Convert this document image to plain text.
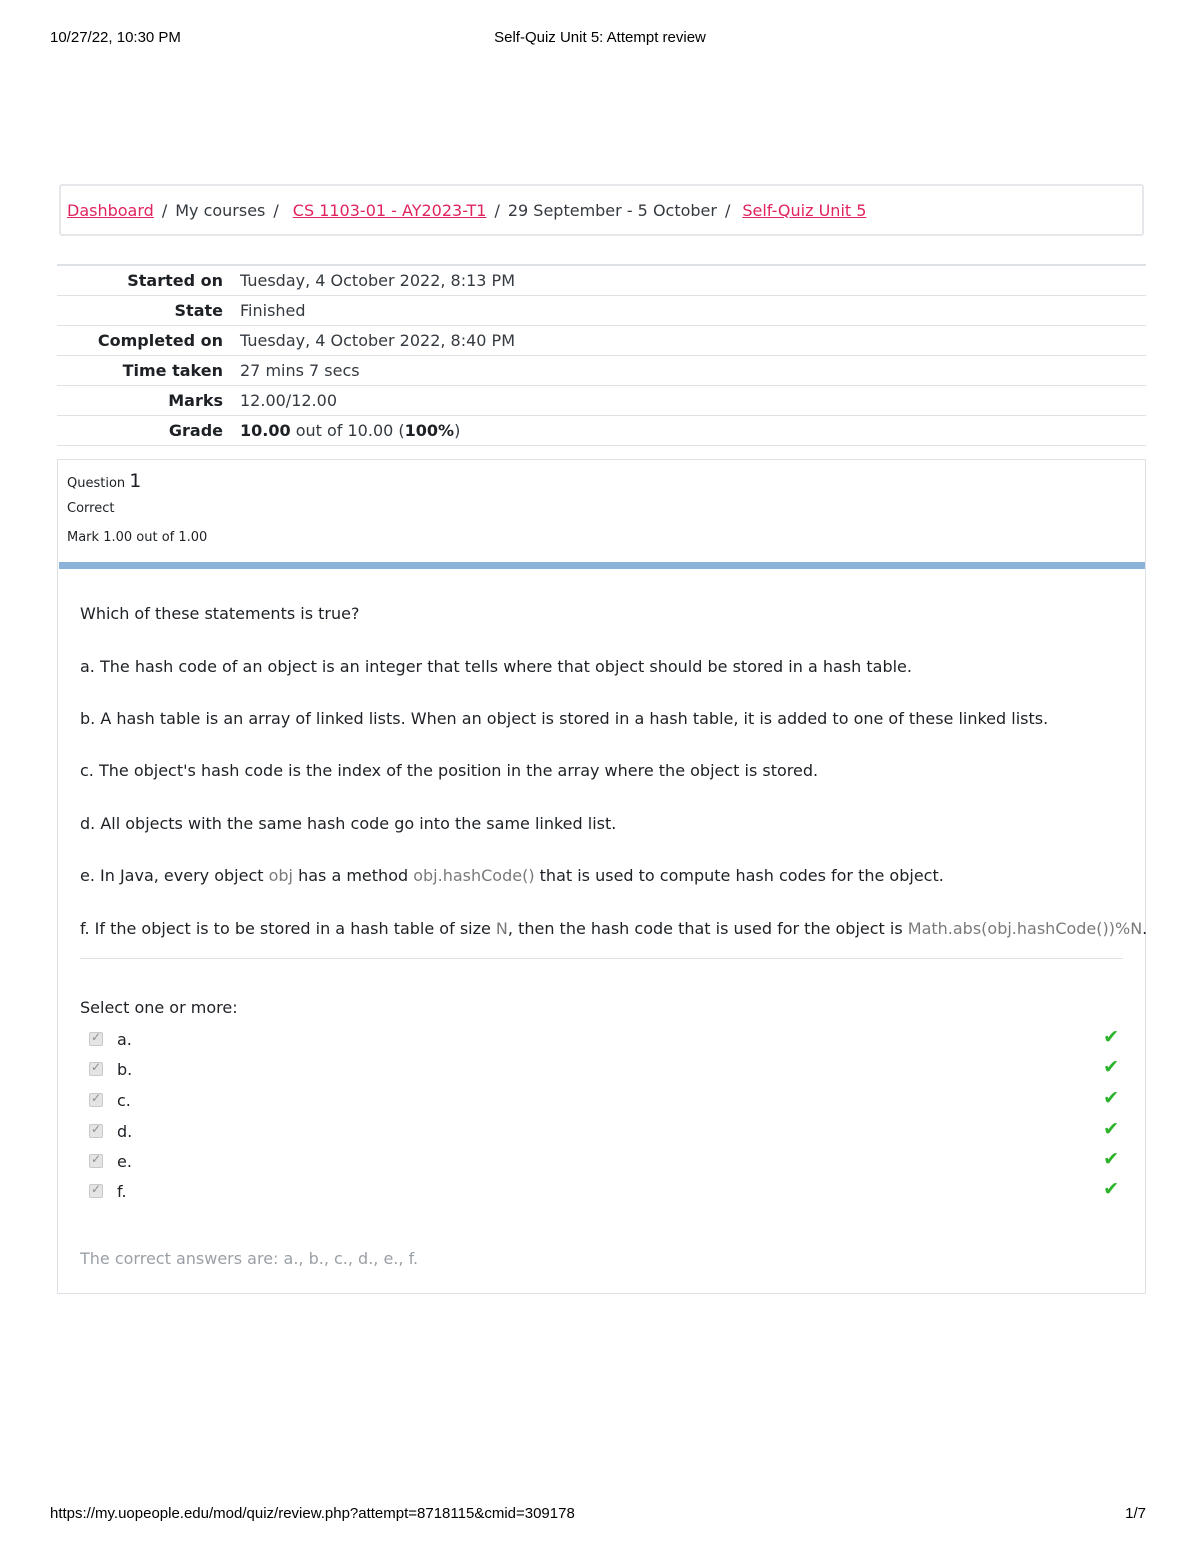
10/27/22, 10:30 PM	Self-Quiz Unit 5: Attempt review
Dashboard / My courses / CS 1103-01 - AY2023-T1 / 29 September - 5 October / Self-Quiz Unit 5
Started on	Tuesday, 4 October 2022, 8:13 PM
State	Finished
Completed on	Tuesday, 4 October 2022, 8:40 PM
Time taken	27 mins 7 secs
Marks	12.00/12.00
Grade	10.00 out of 10.00 (100%)
Question 1
Correct
Mark 1.00 out of 1.00

Which of these statements is true?

a. The hash code of an object is an integer that tells where that object should be stored in a hash table.

b. A hash table is an array of linked lists. When an object is stored in a hash table, it is added to one of these linked lists.

c. The object's hash code is the index of the position in the array where the object is stored.

d. All objects with the same hash code go into the same linked list.

e. In Java, every object obj has a method obj.hashCode() that is used to compute hash codes for the object.

f. If the object is to be stored in a hash table of size N, then the hash code that is used for the object is Math.abs(obj.hashCode())%N.

Select one or more:
✓
a.	✔
✓
b.	✔
✓
c.	✔
✓
d.	✔
✓
e.	✔
✓
f.	✔
The correct answers are: a., b., c., d., e., f.
https://my.uopeople.edu/mod/quiz/review.php?attempt=8718115&cmid=309178	1/7
